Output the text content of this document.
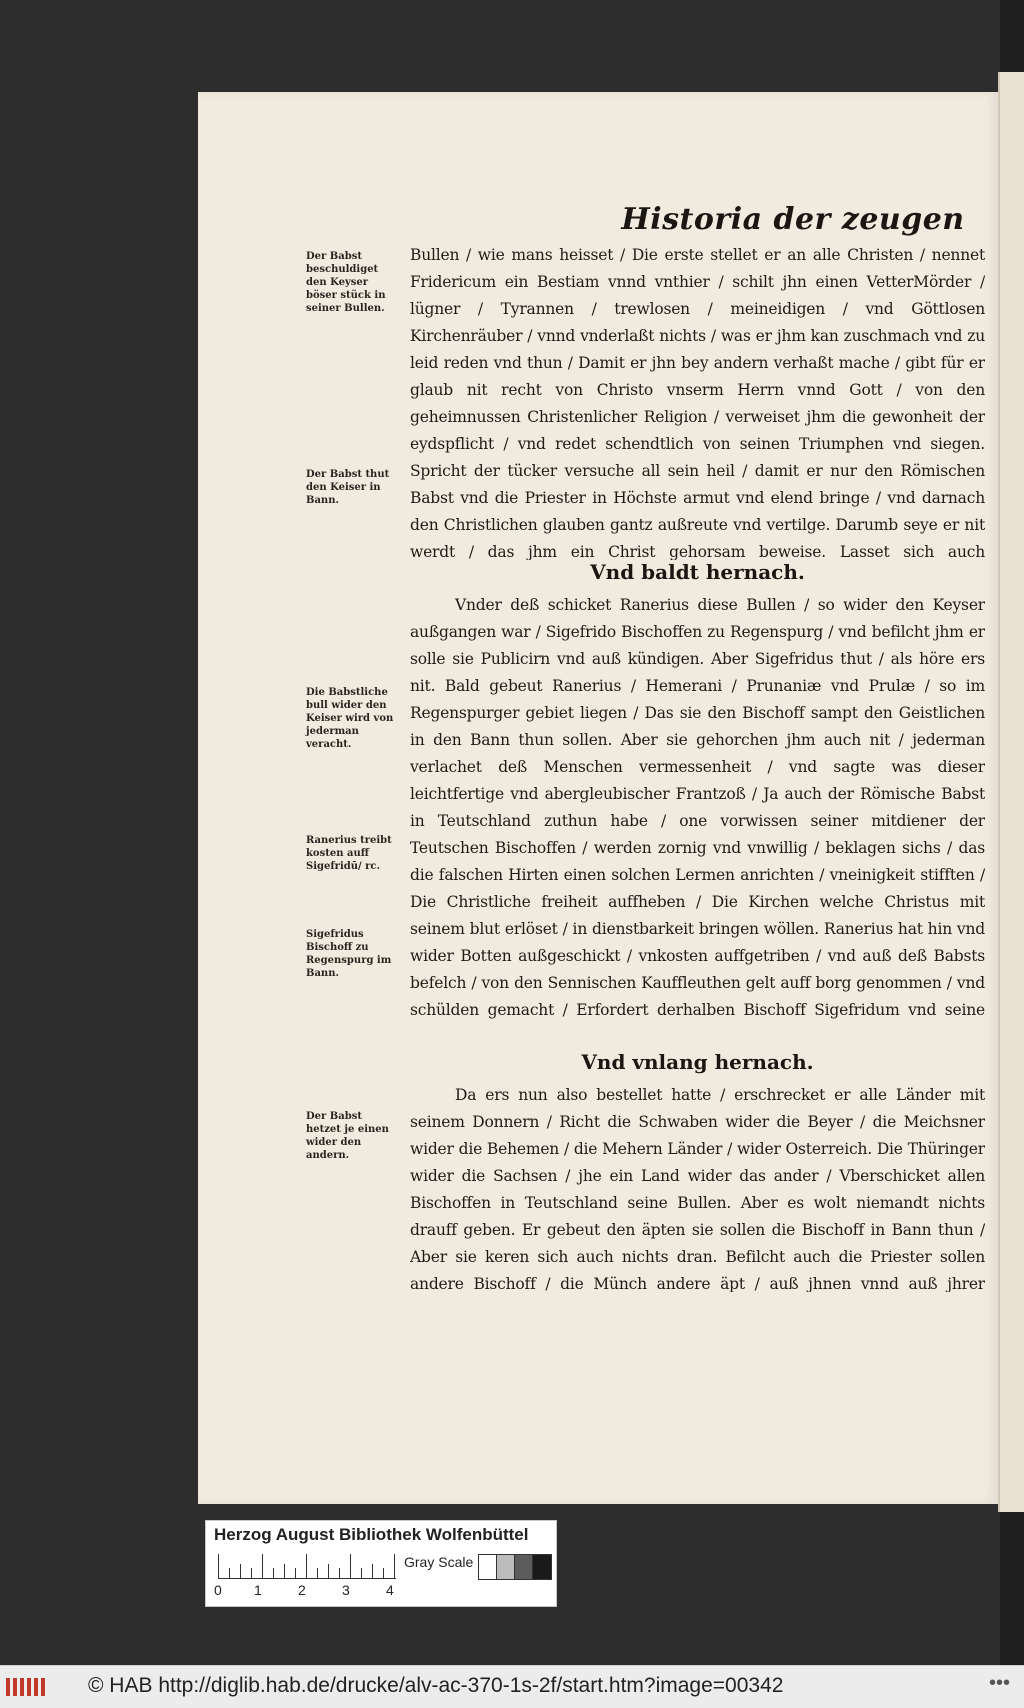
Historia der zeugen
Der Babst beschuldiget den Keyser böser stück in seiner Bullen.
Der Babst thut den Keiser in Bann.
Die Babstliche bull wider den Keiser wird von jederman veracht.
Ranerius treibt kosten auff Sigefridū/ rc.
Sigefridus Bischoff zu Regenspurg im Bann.
Der Babst hetzet je einen wider den andern.
Bullen / wie mans heisset / Die erste stellet er an alle Christen / nennet Fridericum ein Bestiam vnnd vnthier / schilt jhn einen VetterMörder / lügner / Tyrannen / trewlosen / meineidigen / vnd Göttlosen Kirchenräuber / vnnd vnderlaßt nichts / was er jhm kan zuschmach vnd zu leid reden vnd thun / Damit er jhn bey andern verhaßt mache / gibt für er glaub nit recht von Christo vnserm Herrn vnnd Gott / von den geheimnussen Christenlicher Religion / verweiset jhm die gewonheit der eydspflicht / vnd redet schendtlich von seinen Triumphen vnd siegen. Spricht der tücker versuche all sein heil / damit er nur den Römischen Babst vnd die Priester in Höchste armut vnd elend bringe / vnd darnach den Christlichen glauben gantz außreute vnd vertilge. Darumb seye er nit werdt / das jhm ein Christ gehorsam beweise. Lasset sich auch
Vnd baldt hernach.
Vnder deß schicket Ranerius diese Bullen / so wider den Keyser außgangen war / Sigefrido Bischoffen zu Regenspurg / vnd befilcht jhm er solle sie Publicirn vnd auß kündigen. Aber Sigefridus thut / als höre ers nit. Bald gebeut Ranerius / Hemerani / Prunaniæ vnd Prulæ / so im Regenspurger gebiet liegen / Das sie den Bischoff sampt den Geistlichen in den Bann thun sollen. Aber sie gehorchen jhm auch nit / jederman verlachet deß Menschen vermessenheit / vnd sagte was dieser leichtfertige vnd abergleubischer Frantzoß / Ja auch der Römische Babst in Teutschland zuthun habe / one vorwissen seiner mitdiener der Teutschen Bischoffen / werden zornig vnd vnwillig / beklagen sichs / das die falschen Hirten einen solchen Lermen anrichten / vneinigkeit stifften / Die Christliche freiheit auffheben / Die Kirchen welche Christus mit seinem blut erlöset / in dienstbarkeit bringen wöllen. Ranerius hat hin vnd wider Botten außgeschickt / vnkosten auffgetriben / vnd auß deß Babsts befelch / von den Sennischen Kauffleuthen gelt auff borg genommen / vnd schülden gemacht / Erfordert derhalben Bischoff Sigefridum vnd seine
Vnd vnlang hernach.
Da ers nun also bestellet hatte / erschrecket er alle Länder mit seinem Donnern / Richt die Schwaben wider die Beyer / die Meichsner wider die Behemen / die Mehern Länder / wider Osterreich. Die Thüringer wider die Sachsen / jhe ein Land wider das ander / Vberschicket allen Bischoffen in Teutschland seine Bullen. Aber es wolt niemandt nichts drauff geben. Er gebeut den äpten sie sollen die Bischoff in Bann thun / Aber sie keren sich auch nichts dran. Befilcht auch die Priester sollen andere Bischoff / die Münch andere äpt / auß jhnen vnnd auß jhrer
Herzog August Bibliothek Wolfenbüttel
0 1	2	3	4
Gray Scale
© HAB http://diglib.hab.de/drucke/alv-ac-370-1s-2f/start.htm?image=00342	•••
